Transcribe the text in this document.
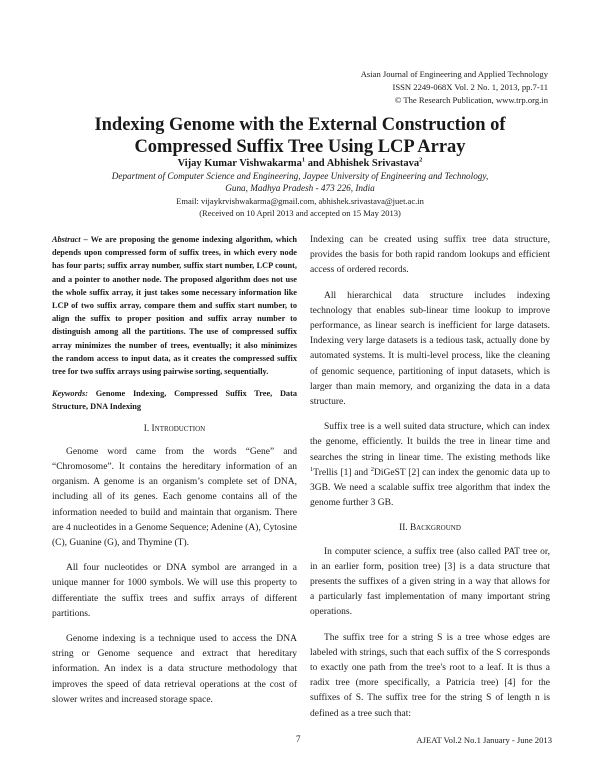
Asian Journal of Engineering and Applied Technology
ISSN 2249-068X Vol. 2 No. 1, 2013, pp.7-11
© The Research Publication, www.trp.org.in
Indexing Genome with the External Construction of
Compressed Suffix Tree Using LCP Array
Vijay Kumar Vishwakarma$^1$ and Abhishek Srivastava$^2$
Department of Computer Science and Engineering, Jaypee University of Engineering and Technology,
Guna, Madhya Pradesh - 473 226, India
Email: vijaykrvishwakarma@gmail.com, abhishek.srivastava@juet.ac.in
(Received on 10 April 2013 and accepted on 15 May 2013)

Abstract – We are proposing the genome indexing algorithm, which depends upon compressed form of suffix trees, in which every node has four parts; suffix array number, suffix start number, LCP count, and a pointer to another node. The proposed algorithm does not use the whole suffix array, it just takes some necessary information like LCP of two suffix array, compare them and suffix start number, to align the suffix to proper position and suffix array number to distinguish among all the partitions. The use of compressed suffix array minimizes the number of trees, eventually; it also minimizes the random access to input data, as it creates the compressed suffix tree for two suffix arrays using pairwise sorting, sequentially.

Keywords: Genome Indexing, Compressed Suffix Tree, Data Structure, DNA Indexing

I. Introduction

Genome word came from the words “Gene” and “Chromosome”. It contains the hereditary information of an organism. A genome is an organism’s complete set of DNA, including all of its genes. Each genome contains all of the information needed to build and maintain that organism. There are 4 nucleotides in a Genome Sequence; Adenine (A), Cytosine (C), Guanine (G), and Thymine (T).

All four nucleotides or DNA symbol are arranged in a unique manner for 1000 symbols. We will use this property to differentiate the suffix trees and suffix arrays of different partitions.

Genome indexing is a technique used to access the DNA string or Genome sequence and extract that hereditary information. An index is a data structure methodology that improves the speed of data retrieval operations at the cost of slower writes and increased storage space.

Indexing can be created using suffix tree data structure, provides the basis for both rapid random lookups and efficient access of ordered records.

All hierarchical data structure includes indexing technology that enables sub-linear time lookup to improve performance, as linear search is inefficient for large datasets. Indexing very large datasets is a tedious task, actually done by automated systems. It is multi-level process, like the cleaning of genomic sequence, partitioning of input datasets, which is larger than main memory, and organizing the data in a data structure.

Suffix tree is a well suited data structure, which can index the genome, efficiently. It builds the tree in linear time and searches the string in linear time. The existing methods like $^1$Trellis [1] and $^2$DiGeST [2] can index the genomic data up to 3GB. We need a scalable suffix tree algorithm that index the genome further 3 GB.

II. Background

In computer science, a suffix tree (also called PAT tree or, in an earlier form, position tree) [3] is a data structure that presents the suffixes of a given string in a way that allows for a particularly fast implementation of many important string operations.

The suffix tree for a string S is a tree whose edges are labeled with strings, such that each suffix of the S corresponds to exactly one path from the tree's root to a leaf. It is thus a radix tree (more specifically, a Patricia tree) [4] for the suffixes of S. The suffix tree for the string S of length n is defined as a tree such that:

7	AJEAT Vol.2 No.1 January - June 2013
